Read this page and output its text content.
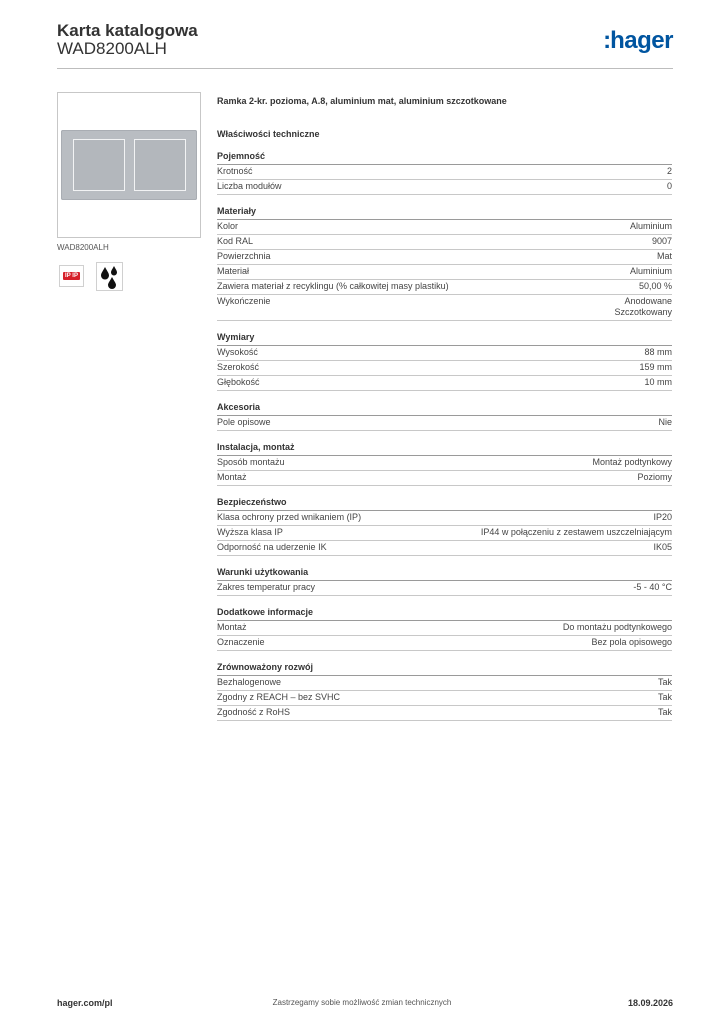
Karta katalogowa
WAD8200ALH	:hager
WAD8200ALH
IP IP
Ramka 2-kr. pozioma, A.8, aluminium mat, aluminium szczotkowane
Właściwości techniczne
Pojemność
Krotność	2
Liczba modułów	0
Materiały
Kolor	Aluminium
Kod RAL	9007
Powierzchnia	Mat
Materiał	Aluminium
Zawiera materiał z recyklingu (% całkowitej masy plastiku)	50,00 %
Wykończenie	Anodowane
Szczotkowany
Wymiary
Wysokość	88 mm
Szerokość	159 mm
Głębokość	10 mm
Akcesoria
Pole opisowe	Nie
Instalacja, montaż
Sposób montażu	Montaż podtynkowy
Montaż	Poziomy
Bezpieczeństwo
Klasa ochrony przed wnikaniem (IP)	IP20
Wyższa klasa IP	IP44 w połączeniu z zestawem uszczelniającym
Odporność na uderzenie IK	IK05
Warunki użytkowania
Zakres temperatur pracy	-5 - 40 °C
Dodatkowe informacje
Montaż	Do montażu podtynkowego
Oznaczenie	Bez pola opisowego
Zrównoważony rozwój
Bezhalogenowe	Tak
Zgodny z REACH – bez SVHC	Tak
Zgodność z RoHS	Tak
hager.com/pl	Zastrzegamy sobie możliwość zmian technicznych	18.09.2026
